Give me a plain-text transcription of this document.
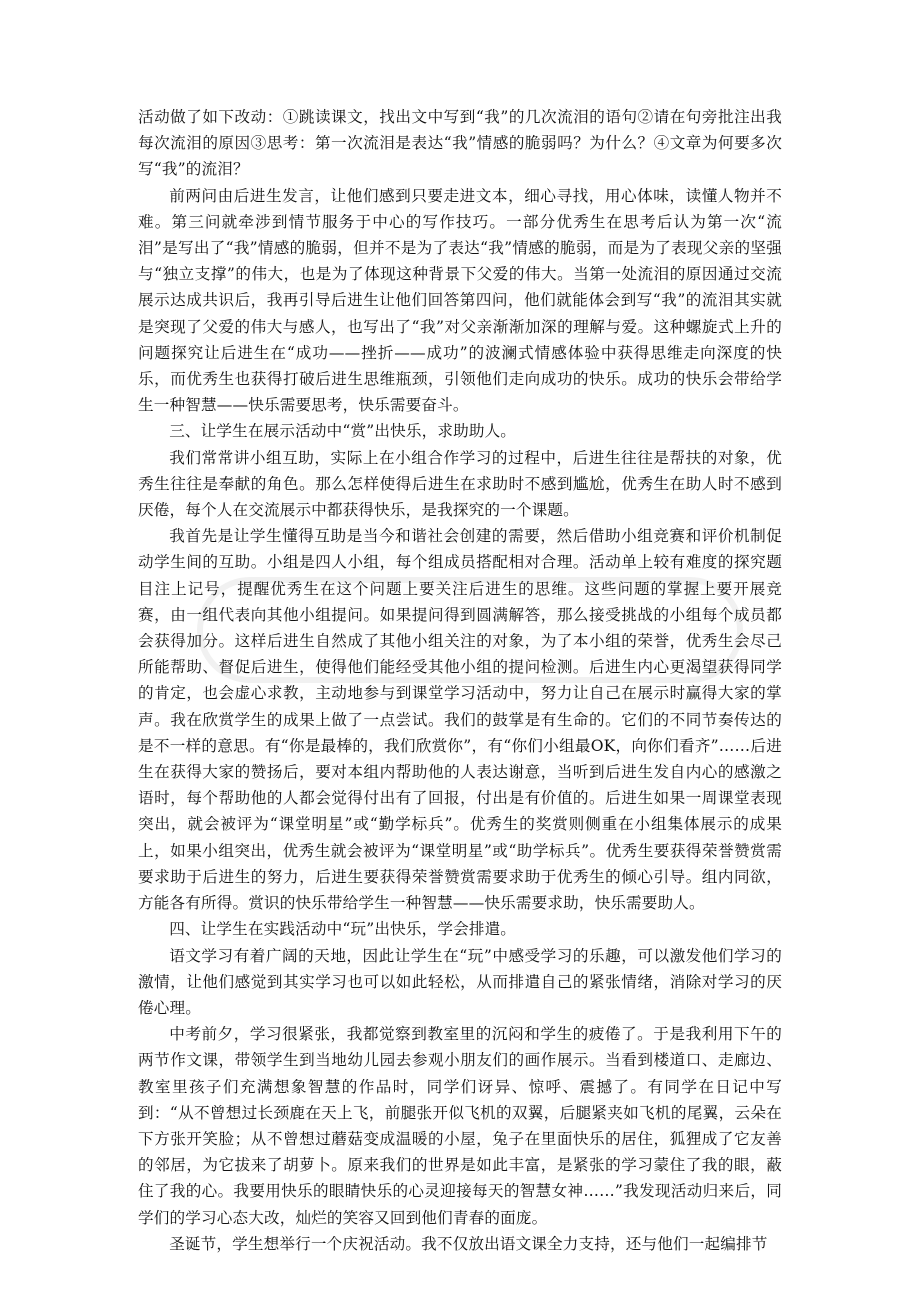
活动做了如下改动：①跳读课文，找出文中写到“我”的几次流泪的语句②请在句旁批注出我每次流泪的原因③思考：第一次流泪是表达“我”情感的脆弱吗？为什么？④文章为何要多次写“我”的流泪？

前两问由后进生发言，让他们感到只要走进文本，细心寻找，用心体味，读懂人物并不难。第三问就牵涉到情节服务于中心的写作技巧。一部分优秀生在思考后认为第一次“流泪”是写出了“我”情感的脆弱，但并不是为了表达“我”情感的脆弱，而是为了表现父亲的坚强与“独立支撑”的伟大，也是为了体现这种背景下父爱的伟大。当第一处流泪的原因通过交流展示达成共识后，我再引导后进生让他们回答第四问，他们就能体会到写“我”的流泪其实就是突现了父爱的伟大与感人，也写出了“我”对父亲渐渐加深的理解与爱。这种螺旋式上升的问题探究让后进生在“成功——挫折——成功”的波澜式情感体验中获得思维走向深度的快乐，而优秀生也获得打破后进生思维瓶颈，引领他们走向成功的快乐。成功的快乐会带给学生一种智慧——快乐需要思考，快乐需要奋斗。

三、让学生在展示活动中“赏”出快乐，求助助人。

我们常常讲小组互助，实际上在小组合作学习的过程中，后进生往往是帮扶的对象，优秀生往往是奉献的角色。那么怎样使得后进生在求助时不感到尴尬，优秀生在助人时不感到厌倦，每个人在交流展示中都获得快乐，是我探究的一个课题。

我首先是让学生懂得互助是当今和谐社会创建的需要，然后借助小组竞赛和评价机制促动学生间的互助。小组是四人小组，每个组成员搭配相对合理。活动单上较有难度的探究题目注上记号，提醒优秀生在这个问题上要关注后进生的思维。这些问题的掌握上要开展竞赛，由一组代表向其他小组提问。如果提问得到圆满解答，那么接受挑战的小组每个成员都会获得加分。这样后进生自然成了其他小组关注的对象，为了本小组的荣誉，优秀生会尽己所能帮助、督促后进生，使得他们能经受其他小组的提问检测。后进生内心更渴望获得同学的肯定，也会虚心求教，主动地参与到课堂学习活动中，努力让自己在展示时赢得大家的掌声。我在欣赏学生的成果上做了一点尝试。我们的鼓掌是有生命的。它们的不同节奏传达的是不一样的意思。有“你是最棒的，我们欣赏你”，有“你们小组最OK，向你们看齐”……后进生在获得大家的赞扬后，要对本组内帮助他的人表达谢意，当听到后进生发自内心的感激之语时，每个帮助他的人都会觉得付出有了回报，付出是有价值的。后进生如果一周课堂表现突出，就会被评为“课堂明星”或“勤学标兵”。优秀生的奖赏则侧重在小组集体展示的成果上，如果小组突出，优秀生就会被评为“课堂明星”或“助学标兵”。优秀生要获得荣誉赞赏需要求助于后进生的努力，后进生要获得荣誉赞赏需要求助于优秀生的倾心引导。组内同欲，方能各有所得。赏识的快乐带给学生一种智慧——快乐需要求助，快乐需要助人。

四、让学生在实践活动中“玩”出快乐，学会排遣。

语文学习有着广阔的天地，因此让学生在“玩”中感受学习的乐趣，可以激发他们学习的激情，让他们感觉到其实学习也可以如此轻松，从而排遣自己的紧张情绪，消除对学习的厌倦心理。

中考前夕，学习很紧张，我都觉察到教室里的沉闷和学生的疲倦了。于是我利用下午的两节作文课，带领学生到当地幼儿园去参观小朋友们的画作展示。当看到楼道口、走廊边、教室里孩子们充满想象智慧的作品时，同学们讶异、惊呼、震撼了。有同学在日记中写到：“从不曾想过长颈鹿在天上飞，前腿张开似飞机的双翼，后腿紧夹如飞机的尾翼，云朵在下方张开笑脸；从不曾想过蘑菇变成温暖的小屋，兔子在里面快乐的居住，狐狸成了它友善的邻居，为它拔来了胡萝卜。原来我们的世界是如此丰富，是紧张的学习蒙住了我的眼，蔽住了我的心。我要用快乐的眼睛快乐的心灵迎接每天的智慧女神……”我发现活动归来后，同学们的学习心态大改，灿烂的笑容又回到他们青春的面庞。

圣诞节，学生想举行一个庆祝活动。我不仅放出语文课全力支持，还与他们一起编排节
